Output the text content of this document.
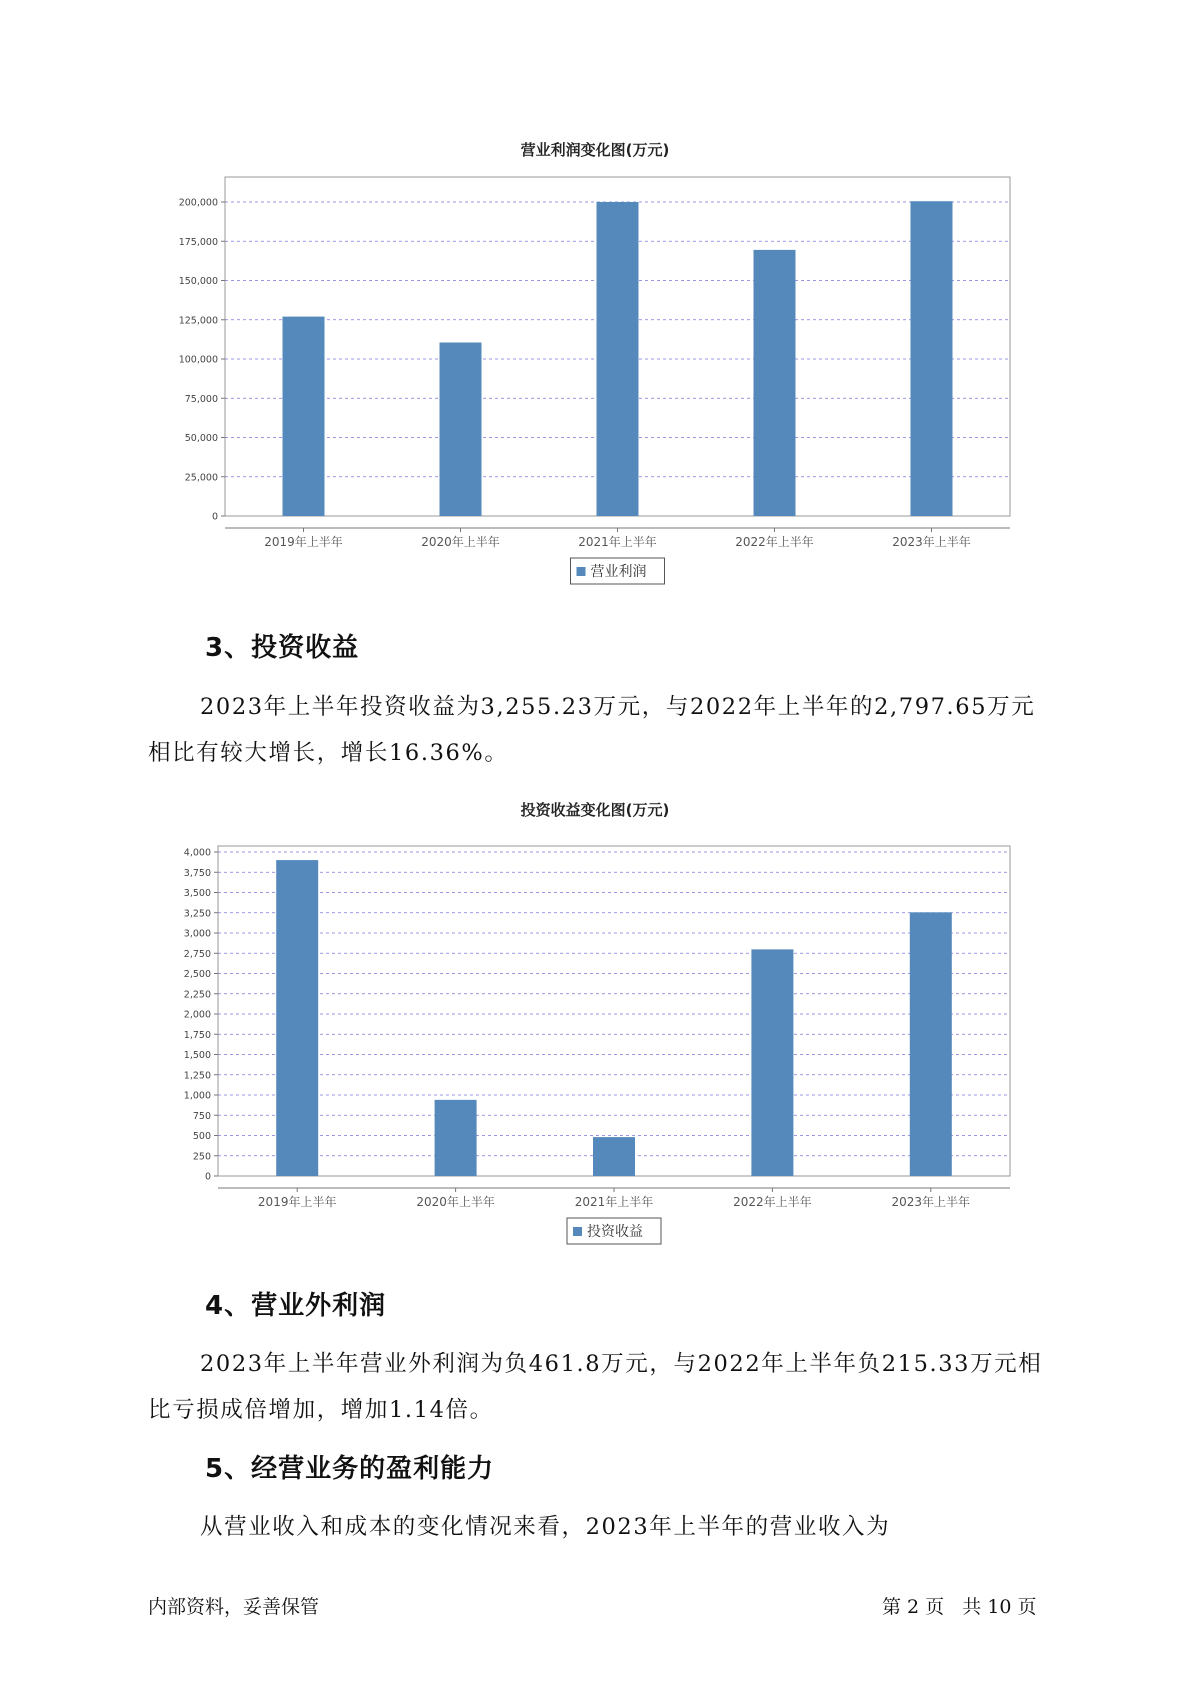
营业利润变化图(万元)
0
25,000
50,000
75,000
100,000
125,000
150,000
175,000
200,000
2019年上半年	2020年上半年	2021年上半年	2022年上半年	2023年上半年
营业利润
3、投资收益

2023年上半年投资收益为3,255.23万元，与2022年上半年的2,797.65万元相比有较大增长，增长16.36%。

投资收益变化图(万元)
0
250
500
750
1,000
1,250
1,500
1,750
2,000
2,250
2,500
2,750
3,000
3,250
3,500
3,750
4,000
2019年上半年	2020年上半年	2021年上半年	2022年上半年	2023年上半年
投资收益
4、营业外利润

2023年上半年营业外利润为负461.8万元，与2022年上半年负215.33万元相比亏损成倍增加，增加1.14倍。

5、经营业务的盈利能力

从营业收入和成本的变化情况来看，2023年上半年的营业收入为

内部资料，妥善保管	第 2 页   共 10 页
